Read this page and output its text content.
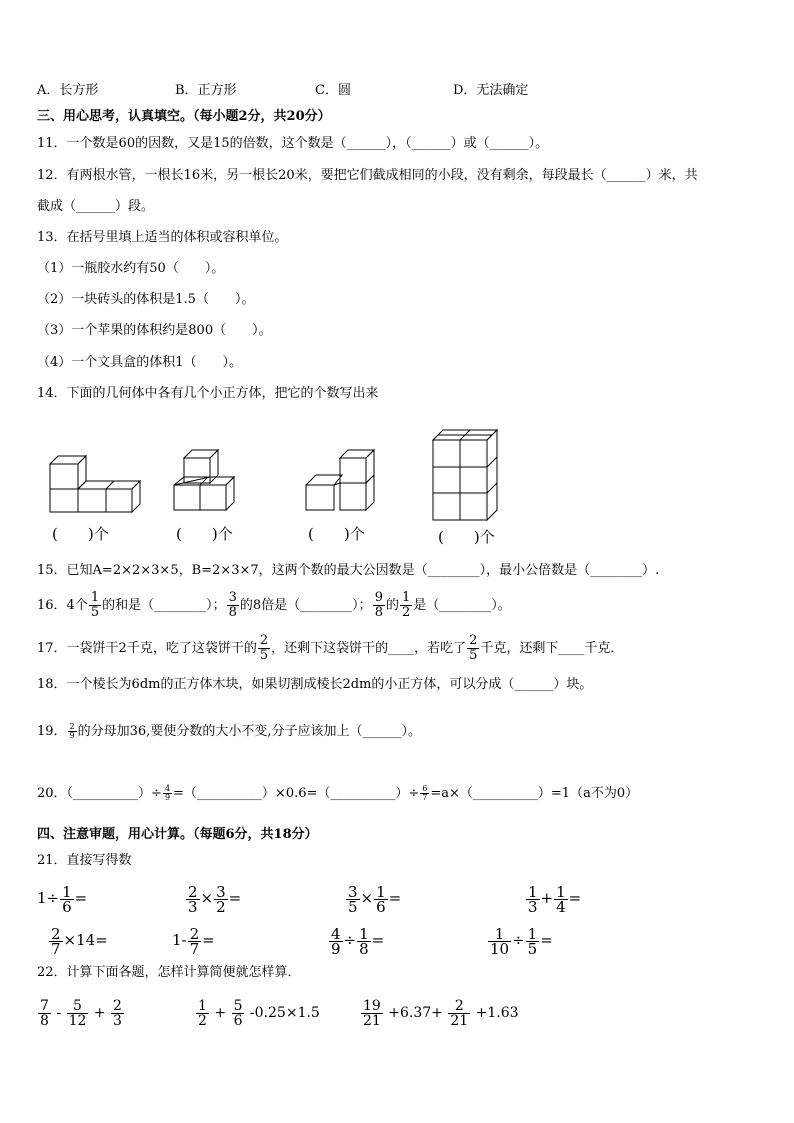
A．长方形	B．正方形	C．圆	D．无法确定
三、用心思考，认真填空。（每小题2分，共20分）
11．一个数是60的因数，又是15的倍数，这个数是（______），（______）或（______）。
12．有两根水管，一根长16米，另一根长20米，要把它们截成相同的小段，没有剩余，每段最长（______）米，共
截成（______）段。
13．在括号里填上适当的体积或容积单位。
（1）一瓶胶水约有50（　　）。
（2）一块砖头的体积是1.5（　　）。
（3）一个苹果的体积约是800（　　）。
（4）一个文具盒的体积1（　　）。
14．下面的几何体中各有几个小正方体，把它的个数写出来
(　　)个	(　　)个	(　　)个	(　　)个
15．已知A=2×2×3×5，B=2×3×7，这两个数的最大公因数是（________），最小公倍数是（________）.
16．4个 $\frac{1}{5}$ 的和是（________）； $\frac{3}{8}$ 的8倍是（________）； $\frac{9}{8}$ 的 $\frac{1}{2}$ 是（________）。
17．一袋饼干2千克，吃了这袋饼干的 $\frac{2}{5}$ ，还剩下这袋饼干的____，若吃了 $\frac{2}{5}$ 千克，还剩下____千克．
18．一个棱长为6dm的正方体木块，如果切割成棱长2dm的小正方体，可以分成（______）块。
19． $\frac{2}{9}$ 的分母加36,要使分数的大小不变,分子应该加上（______）。
20．（__________）÷ $\frac{4}{9}$ =（__________）×0.6=（__________）÷ $\frac{6}{7}$ =a×（__________）=1（a不为0）
四、注意审题，用心计算。（每题6分，共18分）
21．直接写得数
22．计算下面各题，怎样计算简便就怎样算．
$1\div \frac{1}{6}$ =	$\frac{2}{3} \times \frac{3}{2}$ =	$\frac{3}{5} \times \frac{1}{6}$ =	$\frac{1}{3} + \frac{1}{4}$ =
$\frac{2}{7} \times 14=$	$1- \frac{2}{7}$ =	$\frac{4}{9} \div \frac{1}{8}$ =	$\frac{1}{10} \div \frac{1}{5}$ =
$\frac{7}{8} - \frac{5}{12} + \frac{2}{3}$	$\frac{1}{2} + \frac{5}{6} -0.25\times 1.5$	$\frac{19}{21} +6.37+ \frac{2}{21} +1.63$
